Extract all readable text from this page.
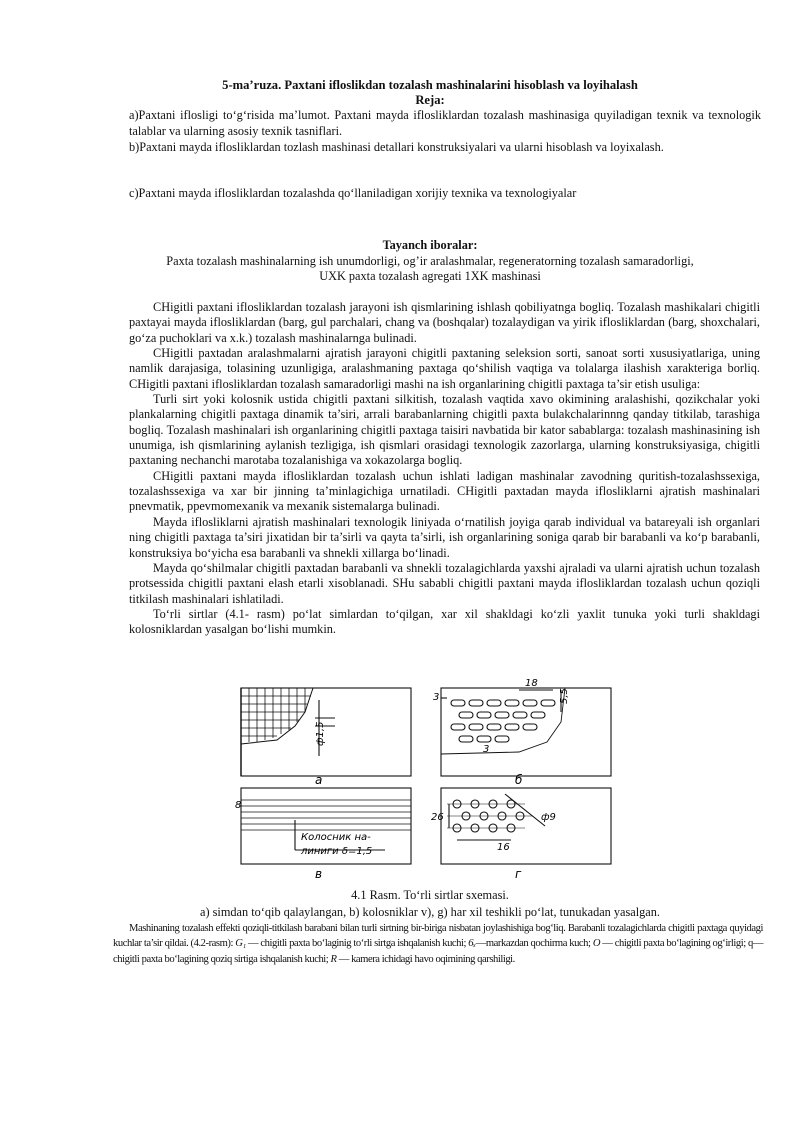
5-ma’ruza. Paxtani ifloslikdan tozalash mashinalarini hisoblash va loyihalash
Reja:
a)Paxtani iflosligi to‘g‘risida ma’lumot. Paxtani mayda iflosliklardan tozalash mashinasiga quyiladigan texnik va texnologik talablar va ularning asosiy texnik tasniflari.
b)Paxtani mayda iflosliklardan tozlash mashinasi detallari konstruksiyalari va ularni hisoblash va loyixalash.
c)Paxtani mayda iflosliklardan tozalashda qo‘llaniladigan xorijiy texnika va texnologiyalar
Tayanch iboralar:
Paxta tozalash mashinalarning ish unumdorligi, og’ir aralashmalar, regeneratorning tozalash samaradorligi,
UXK paxta tozalash agregati 1XK mashinasi

CHigitli paxtani iflosliklardan tozalash jarayoni ish qismlarining ishlash qobiliyatnga bogliq. Tozalash mashikalari chigitli paxtayai mayda iflosliklardan (barg, gul parchalari, chang va (boshqalar) tozalaydigan va yirik iflosliklardan (barg, shoxchalari, go‘za puchoklari va x.k.) tozalash mashinalarnga bulinadi.

CHigitli paxtadan aralashmalarni ajratish jarayoni chigitli paxtaning seleksion sorti, sanoat sorti xususiyatlariga, uning namlik darajasiga, tolasining uzunligiga, aralashmaning paxtaga qo‘shilish vaqtiga va tolalarga ilashish xarakteriga borliq. CHigitli paxtani iflosliklardan tozalash samaradorligi mashi na ish organlarining chigitli paxtaga ta’sir etish usuliga:

Turli sirt yoki kolosnik ustida chigitli paxtani silkitish, tozalash vaqtida xavo okimining aralashishi, qozikchalar yoki plankalarning chigitli paxtaga dinamik ta’siri, arrali barabanlarning chigitli paxta bulakchalarinnng qanday titkilab, tarashiga bogliq. Tozalash mashinalari ish organlarining chigitli paxtaga taisiri navbatida bir kator sabablarga: tozalash mashinasining ish unumiga, ish qismlarining aylanish tezligiga, ish qismlari orasidagi texnologik zazorlarga, ularning konstruksiyasiga, chigitli paxtaning nechanchi marotaba tozalanishiga va xokazolarga bogliq.

CHigitli paxtani mayda iflosliklardan tozalash uchun ishlati ladigan mashinalar zavodning quritish-tozalashssexiga, tozalashssexiga va xar bir jinning ta’minlagichiga urnatiladi. CHigitli paxtadan mayda iflosliklarni ajratish mashinalari pnevmatik, ppevmomexanik va mexanik sistemalarga bulinadi.

Mayda iflosliklarni ajratish mashinalari texnologik liniyada o‘rnatilish joyiga qarab individual va batareyali ish organlari ning chigitli paxtaga ta’siri jixatidan bir ta’sirli va qayta ta’sirli, ish organlarining soniga qarab bir barabanli va ko‘p barabanli, konstruksiya bo‘yicha esa barabanli va shnekli xillarga bo‘linadi.

Mayda qo‘shilmalar chigitli paxtadan barabanli va shnekli tozalagichlarda yaxshi ajraladi va ularni ajratish uchun tozalash protsessida chigitli paxtani elash etarli xisoblanadi. SHu sababli chigitli paxtani mayda iflosliklardan tozalash uchun qoziqli titkilash mashinalari ishlatiladi.

To‘rli sirtlar (4.1- rasm) po‘lat simlardan to‘qilgan, xar xil shakldagi ko‘zli yaxlit tunuka yoki turli shakldagi kolosniklardan yasalgan bo‘lishi mumkin.

а	б
в	г
ф1,5
3
18
5,5
3
8
Колосник на-
линиги δ=1,5
26	ф9
16
4.1 Rasm. To‘rli sirtlar sxemasi.
a) simdan to‘qib qalaylangan, b) kolosniklar v), g) har xil teshikli po‘lat, tunukadan yasalgan.

Mashinaning tozalash effekti qoziqli-titkilash barabani bilan turli sirtning bir-biriga nisbatan joylashishiga bog‘liq. Barabanli tozalagichlarda chigitli paxtaga quyidagi kuchlar ta’sir qildai. (4.2-rasm): G₁ — chigitli paxta bo‘laginig to‘rli sirtga ishqalanish kuchi; 6ₓ—markazdan qochirma kuch; O — chigitli paxta bo‘lagining og‘irligi; q— chigitli paxta bo‘lagining qoziq sirtiga ishqalanish kuchi; R — kamera ichidagi havo oqimining qarshiligi.
